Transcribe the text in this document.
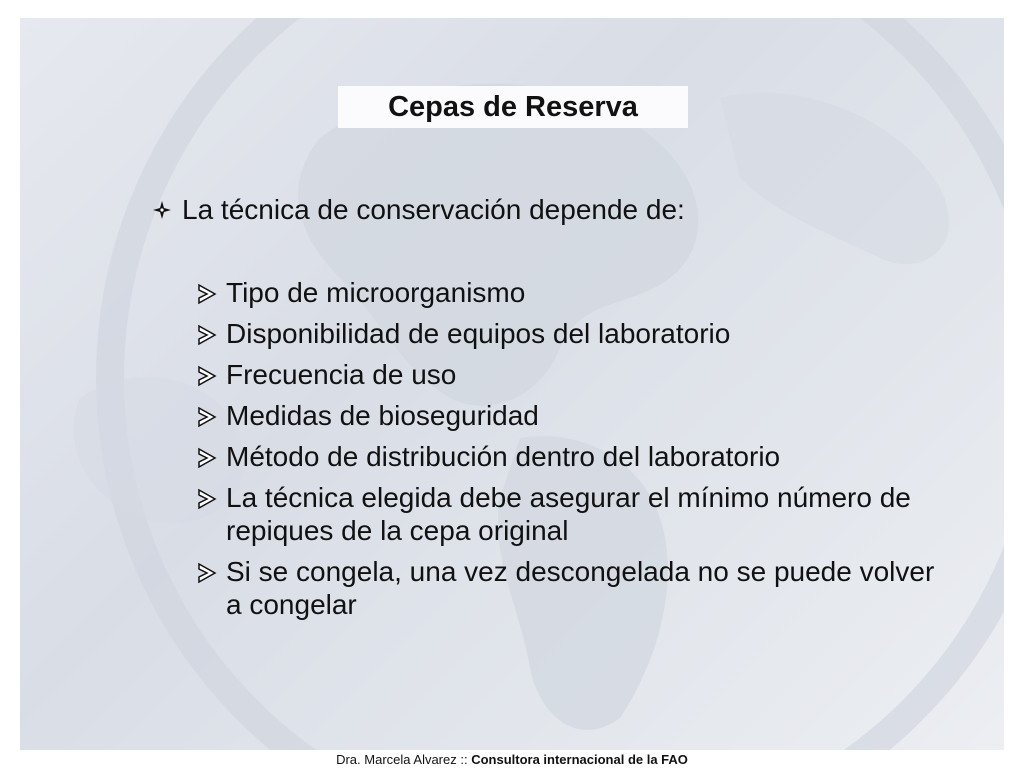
Cepas de Reserva
La técnica de conservación depende de:
Tipo de microorganismo
Disponibilidad de equipos del laboratorio
Frecuencia de uso
Medidas de bioseguridad
Método de distribución dentro del laboratorio
La técnica elegida debe asegurar el mínimo número de repiques de la cepa original
Si se congela, una vez descongelada no se puede volver a congelar
Dra. Marcela Alvarez :: Consultora internacional de la FAO
